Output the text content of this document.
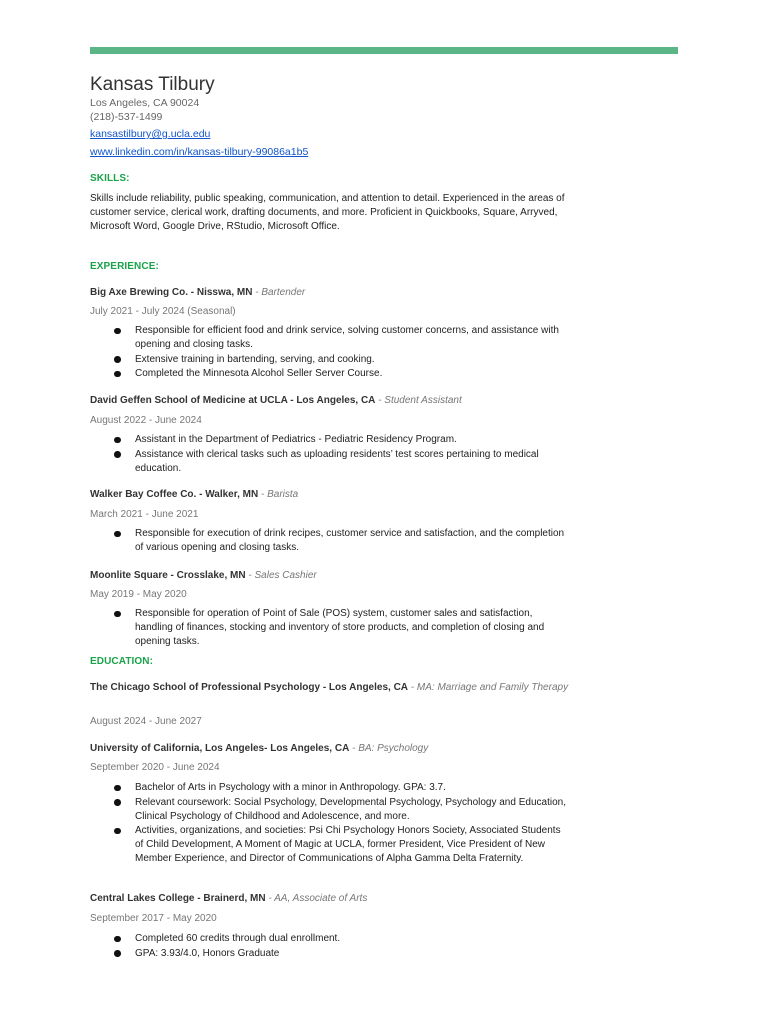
Kansas Tilbury
Los Angeles, CA 90024
(218)-537-1499
kansastilbury@g.ucla.edu
www.linkedin.com/in/kansas-tilbury-99086a1b5
SKILLS:
Skills include reliability, public speaking, communication, and attention to detail. Experienced in the areas of customer service, clerical work, drafting documents, and more. Proficient in Quickbooks, Square, Arryved, Microsoft Word, Google Drive, RStudio, Microsoft Office.
EXPERIENCE:
Big Axe Brewing Co. - Nisswa, MN - Bartender
July 2021 - July 2024 (Seasonal)
Responsible for efficient food and drink service, solving customer concerns, and assistance with opening and closing tasks.
Extensive training in bartending, serving, and cooking.
Completed the Minnesota Alcohol Seller Server Course.
David Geffen School of Medicine at UCLA - Los Angeles, CA - Student Assistant
August 2022 - June 2024
Assistant in the Department of Pediatrics - Pediatric Residency Program.
Assistance with clerical tasks such as uploading residents’ test scores pertaining to medical education.
Walker Bay Coffee Co. - Walker, MN - Barista
March 2021 - June 2021
Responsible for execution of drink recipes, customer service and satisfaction, and the completion of various opening and closing tasks.
Moonlite Square - Crosslake, MN - Sales Cashier
May 2019 - May 2020
Responsible for operation of Point of Sale (POS) system, customer sales and satisfaction, handling of finances, stocking and inventory of store products, and completion of closing and opening tasks.
EDUCATION:
The Chicago School of Professional Psychology - Los Angeles, CA - MA: Marriage and Family Therapy
August 2024 - June 2027
University of California, Los Angeles- Los Angeles, CA - BA: Psychology
September 2020 - June 2024
Bachelor of Arts in Psychology with a minor in Anthropology. GPA: 3.7.
Relevant coursework: Social Psychology, Developmental Psychology, Psychology and Education, Clinical Psychology of Childhood and Adolescence, and more.
Activities, organizations, and societies: Psi Chi Psychology Honors Society, Associated Students of Child Development, A Moment of Magic at UCLA, former President, Vice President of New Member Experience, and Director of Communications of Alpha Gamma Delta Fraternity.
Central Lakes College - Brainerd, MN - AA, Associate of Arts
September 2017 - May 2020
Completed 60 credits through dual enrollment.
GPA: 3.93/4.0, Honors Graduate
